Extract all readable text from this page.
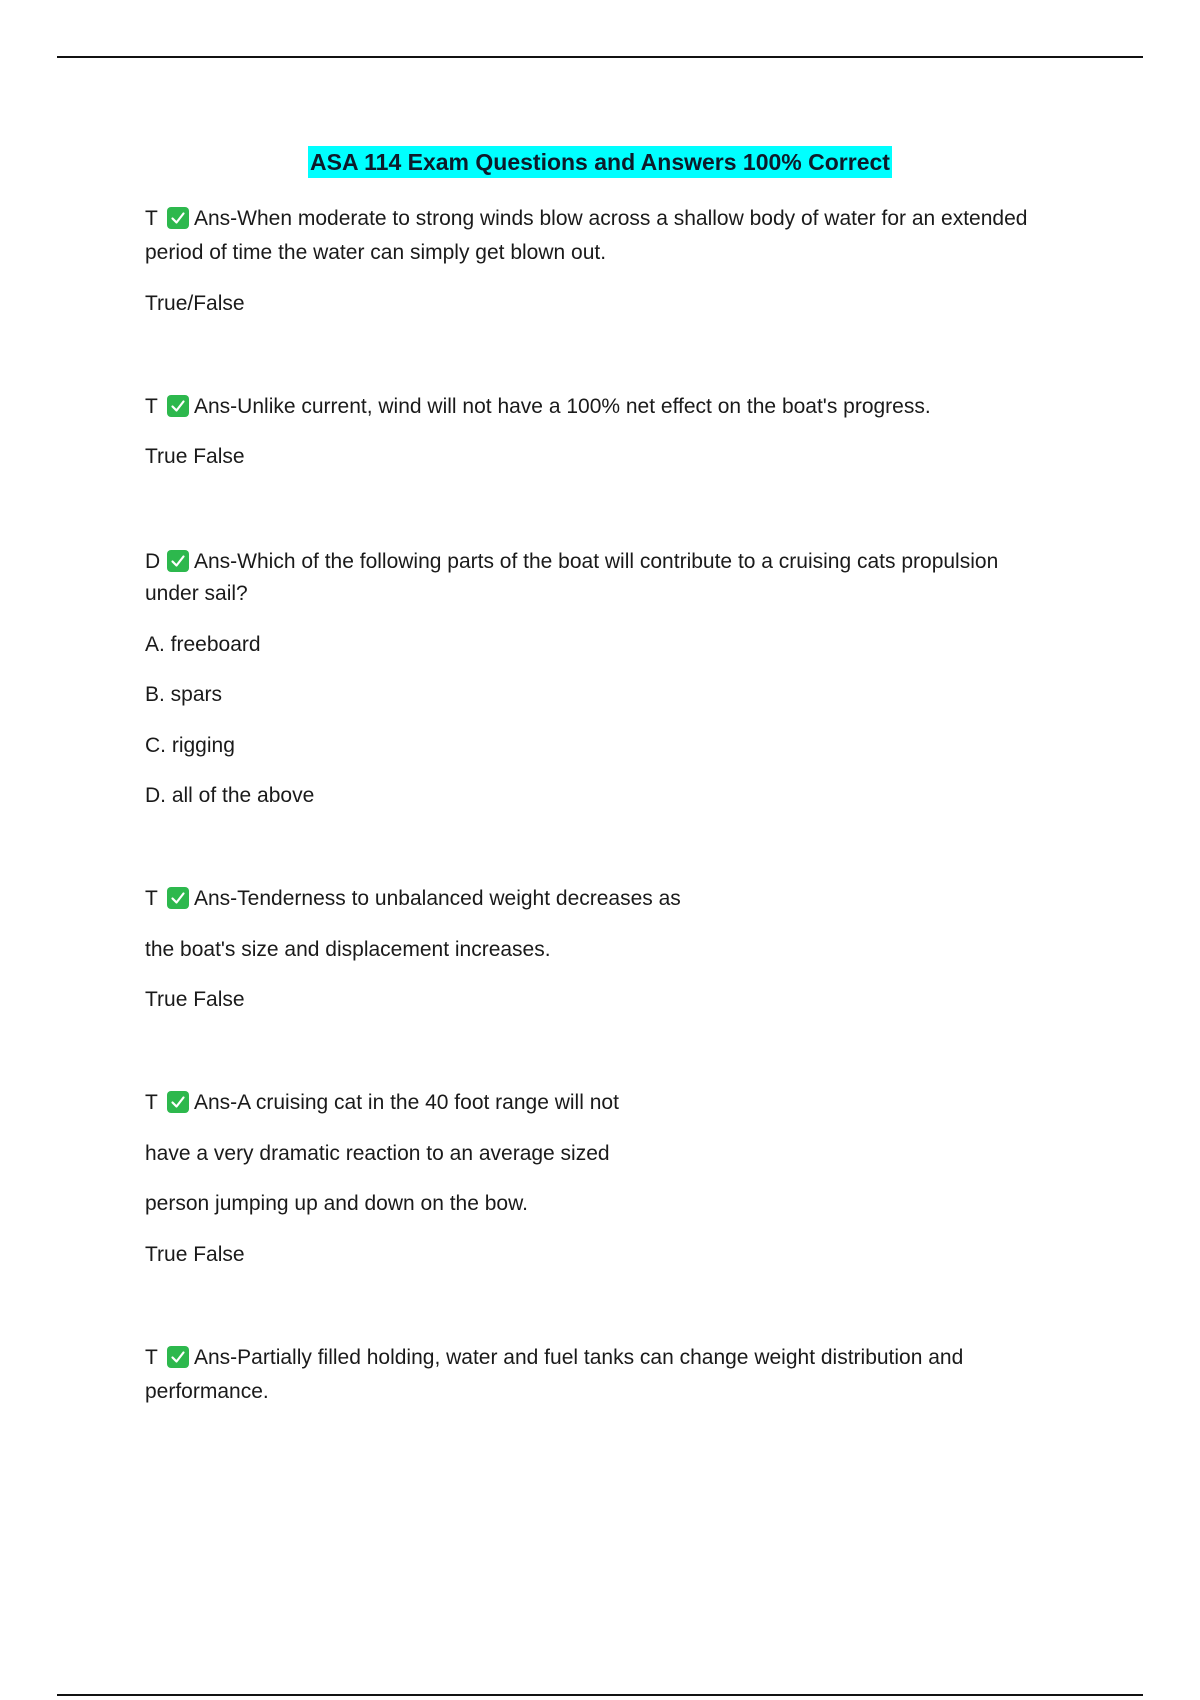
ASA 114 Exam Questions and Answers 100% Correct
T Ans-When moderate to strong winds blow across a shallow body of water for an extended
period of time the water can simply get blown out.
True/False
T Ans-Unlike current, wind will not have a 100% net effect on the boat's progress.
True False
D Ans-Which of the following parts of the boat will contribute to a cruising cats propulsion
under sail?
A. freeboard
B. spars
C. rigging
D. all of the above
T Ans-Tenderness to unbalanced weight decreases as
the boat's size and displacement increases.
True False
T Ans-A cruising cat in the 40 foot range will not
have a very dramatic reaction to an average sized
person jumping up and down on the bow.
True False
T Ans-Partially filled holding, water and fuel tanks can change weight distribution and
performance.
